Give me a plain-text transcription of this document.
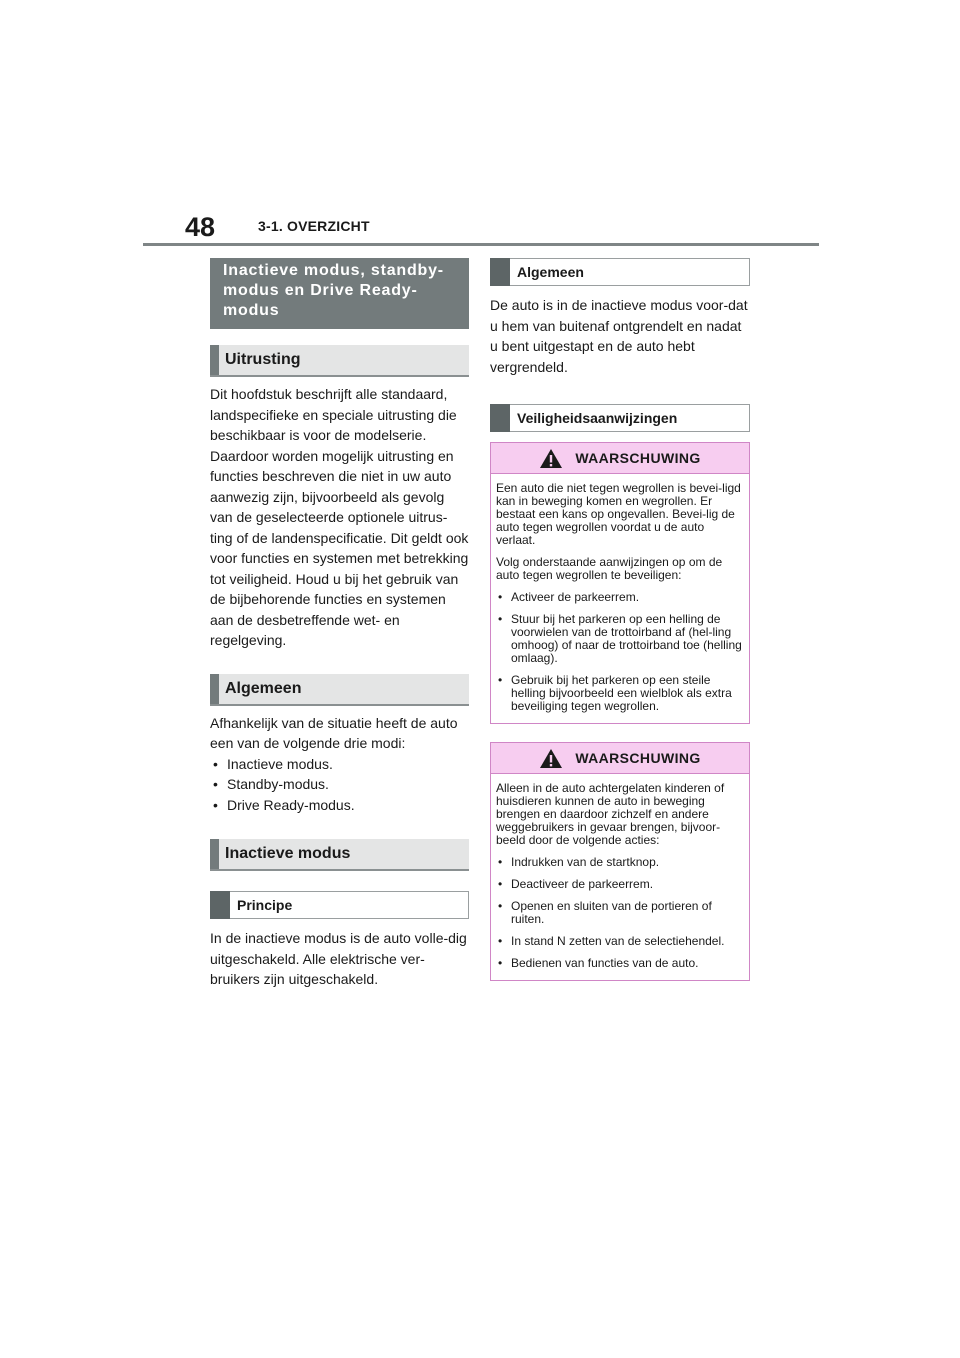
48	3-1. OVERZICHT
Inactieve modus, standby-modus en Drive Ready-modus
Uitrusting

Dit hoofdstuk beschrijft alle standaard, landspecifieke en speciale uitrusting die beschikbaar is voor de modelserie. Daardoor worden mogelijk uitrusting en functies beschreven die niet in uw auto aanwezig zijn, bijvoorbeeld als gevolg van de geselecteerde optionele uitrus-ting of de landenspecificatie. Dit geldt ook voor functies en systemen met betrekking tot veiligheid. Houd u bij het gebruik van de bijbehorende functies en systemen aan de desbetreffende wet- en regelgeving.

Algemeen

Afhankelijk van de situatie heeft de auto een van de volgende drie modi:

• Inactieve modus.
• Standby-modus.
• Drive Ready-modus.
Inactieve modus
Principe

In de inactieve modus is de auto volle-dig uitgeschakeld. Alle elektrische ver-bruikers zijn uitgeschakeld.

Algemeen

De auto is in de inactieve modus voor-dat u hem van buitenaf ontgrendelt en nadat u bent uitgestapt en de auto hebt vergrendeld.

Veiligheidsaanwijzingen
WAARSCHUWING

Een auto die niet tegen wegrollen is bevei-ligd kan in beweging komen en wegrollen. Er bestaat een kans op ongevallen. Bevei-lig de auto tegen wegrollen voordat u de auto verlaat.

Volg onderstaande aanwijzingen op om de auto tegen wegrollen te beveiligen:

• Activeer de parkeerrem.
• Stuur bij het parkeren op een helling de voorwielen van de trottoirband af (hel-ling omhoog) of naar de trottoirband toe (helling omlaag).
• Gebruik bij het parkeren op een steile helling bijvoorbeeld een wielblok als extra beveiliging tegen wegrollen.
WAARSCHUWING

Alleen in de auto achtergelaten kinderen of huisdieren kunnen de auto in beweging brengen en daardoor zichzelf en andere weggebruikers in gevaar brengen, bijvoor-beeld door de volgende acties:

• Indrukken van de startknop.
• Deactiveer de parkeerrem.
• Openen en sluiten van de portieren of ruiten.
• In stand N zetten van de selectiehendel.
• Bedienen van functies van de auto.
